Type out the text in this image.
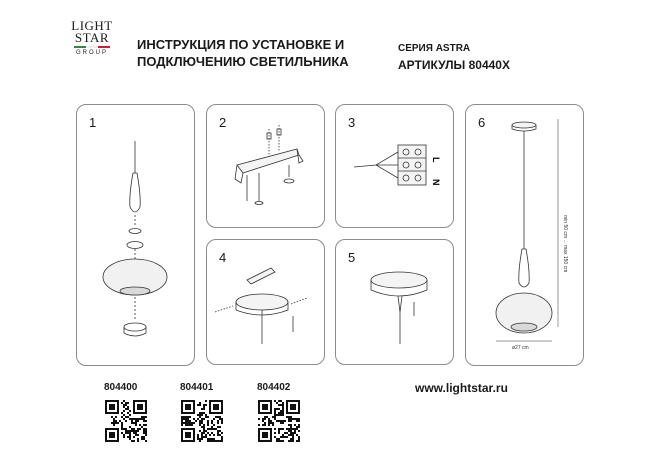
LIGHT
STAR
GROUP
ИНСТРУКЦИЯ ПО УСТАНОВКЕ И
ПОДКЛЮЧЕНИЮ СВЕТИЛЬНИКА
СЕРИЯ ASTRA
АРТИКУЛЫ 80440X
1	2	3
L
N
4	5
6
min 50 cm ... max 150 cm
ø27 cm
804400	804401	804402	www.lightstar.ru
